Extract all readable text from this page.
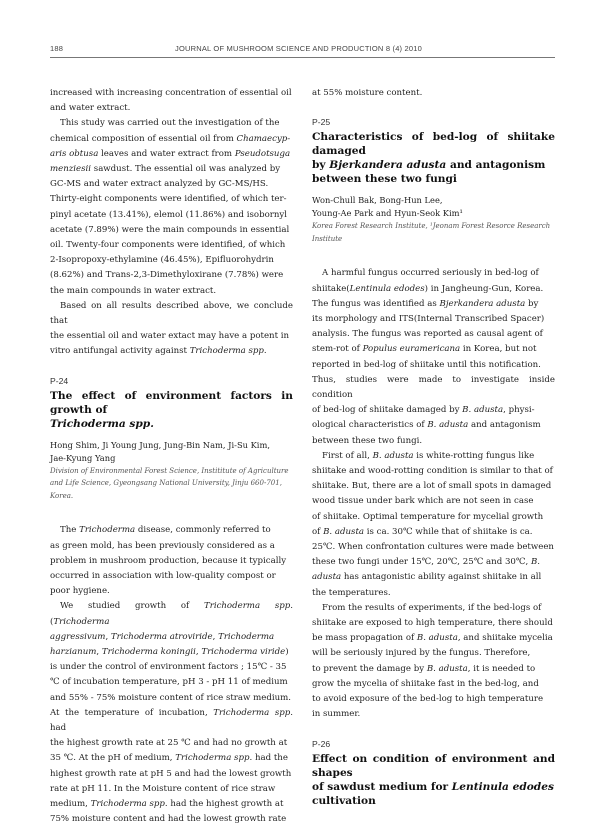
188	JOURNAL OF MUSHROOM SCIENCE AND PRODUCTION 8 (4) 2010

increased with increasing concentration of essential oil

and water extract.

This study was carried out the investigation of the

chemical composition of essential oil from Chamaecyp-

aris obtusa leaves and water extract from Pseudotsuga

menziesii sawdust. The essential oil was analyzed by

GC-MS and water extract analyzed by GC-MS/HS.

Thirty-eight components were identified, of which ter-

pinyl acetate (13.41%), elemol (11.86%) and isobornyl

acetate (7.89%) were the main compounds in essential

oil. Twenty-four components were identified, of which

2-Isopropoxy-ethylamine (46.45%), Epifluorohydrin

(8.62%) and Trans-2,3-Dimethyloxirane (7.78%) were

the main compounds in water extract.

Based on all results described above, we conclude that

the essential oil and water extact may have a potent in

vitro antifungal activity against Trichoderma spp.

P-24

The effect of environment factors in growth of

Trichoderma spp.

Hong Shim, Ji Young Jung, Jung-Bin Nam, Ji-Su Kim,

Jae-Kyung Yang

Division of Environmental Forest Science, Instititute of Agriculture

and Life Science, Gyeongsang National University, Jinju 660-701,

Korea.

The Trichoderma disease, commonly referred to

as green mold, has been previously considered as a

problem in mushroom production, because it typically

occurred in association with low-quality compost or

poor hygiene.

We studied growth of Trichoderma spp. (Trichoderma

aggressivum, Trichoderma atroviride, Trichoderma

harzianum, Trichoderma koningii, Trichoderma viride)

is under the control of environment factors ; 15℃ - 35

℃ of incubation temperature, pH 3 - pH 11 of medium

and 55% - 75% moisture content of rice straw medium.

At the temperature of incubation, Trichoderma spp. had

the highest growth rate at 25 ℃ and had no growth at

35 ℃. At the pH of medium, Trichoderma spp. had the

highest growth rate at pH 5 and had the lowest growth

rate at pH 11. In the Moisture content of rice straw

medium, Trichoderma spp. had the highest growth at

75% moisture content and had the lowest growth rate

at 55% moisture content.

P-25

Characteristics of bed-log of shiitake damaged

by Bjerkandera adusta and antagonism

between these two fungi

Won-Chull Bak, Bong-Hun Lee,

Young-Ae Park and Hyun-Seok Kim¹

Korea Forest Research Institute, ¹Jeonam Forest Resorce Research

Institute

A harmful fungus occurred seriously in bed-log of

shiitake(Lentinula edodes) in Jangheung-Gun, Korea.

The fungus was identified as Bjerkandera adusta by

its morphology and ITS(Internal Transcribed Spacer)

analysis. The fungus was reported as causal agent of

stem-rot of Populus euramericana in Korea, but not

reported in bed-log of shiitake until this notification.

Thus, studies were made to investigate inside condition

of bed-log of shiitake damaged by B. adusta, physi-

ological characteristics of B. adusta and antagonism

between these two fungi.

First of all, B. adusta is white-rotting fungus like

shiitake and wood-rotting condition is similar to that of

shiitake. But, there are a lot of small spots in damaged

wood tissue under bark which are not seen in case

of shiitake. Optimal temperature for mycelial growth

of B. adusta is ca. 30℃ while that of shiitake is ca.

25℃. When confrontation cultures were made between

these two fungi under 15℃, 20℃, 25℃ and 30℃, B.

adusta has antagonistic ability against shiitake in all

the temperatures.

From the results of experiments, if the bed-logs of

shiitake are exposed to high temperature, there should

be mass propagation of B. adusta, and shiitake mycelia

will be seriously injured by the fungus. Therefore,

to prevent the damage by B. adusta, it is needed to

grow the mycelia of shiitake fast in the bed-log, and

to avoid exposure of the bed-log to high temperature

in summer.

P-26

Effect on condition of environment and shapes

of sawdust medium for Lentinula edodes

cultivation
